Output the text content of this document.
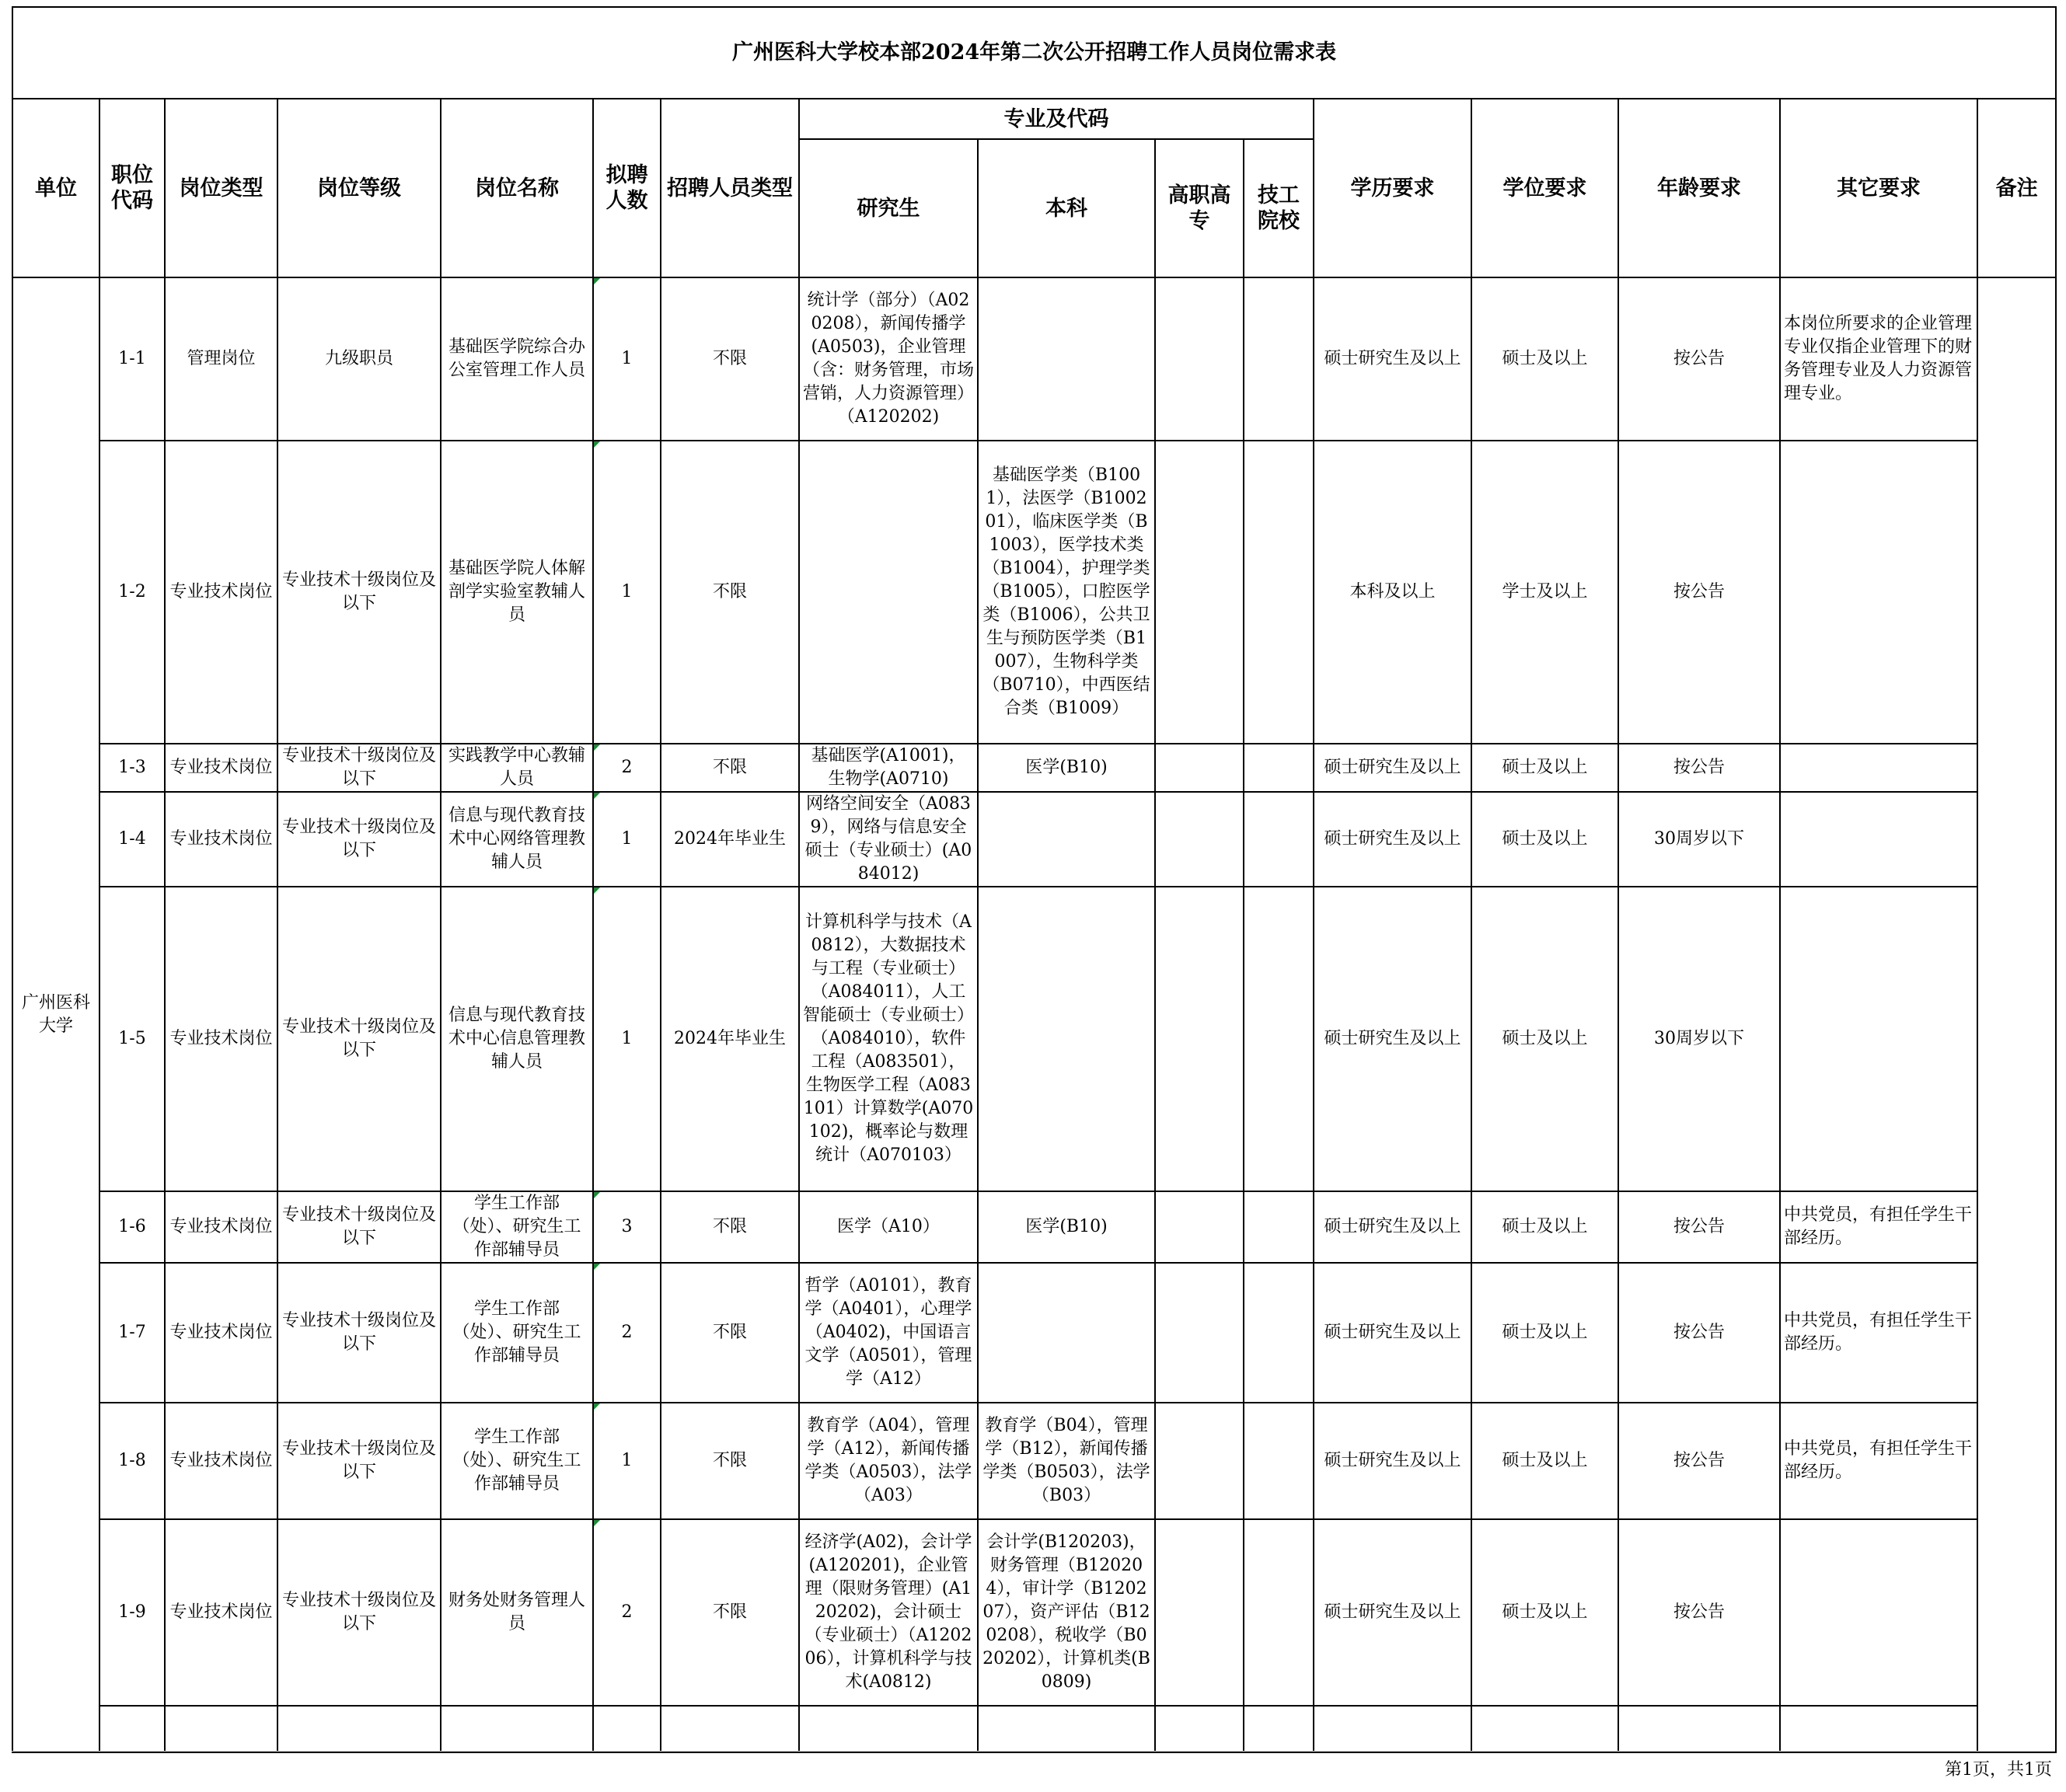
广州医科大学校本部2024年第二次公开招聘工作人员岗位需求表															
单位	职位代码	岗位类型	岗位等级	岗位名称	拟聘人数	招聘人员类型	专业及代码				学历要求	学位要求	年龄要求	其它要求	备注
							研究生	本科	高职高专	技工院校					
广州医科大学	1-1	管理岗位	九级职员	基础医学院综合办公室管理工作人员	1	不限	统计学（部分）（A020208），新闻传播学(A0503)，企业管理（含：财务管理，市场营销，人力资源管理）（A120202)				硕士研究生及以上	硕士及以上	按公告	本岗位所要求的企业管理专业仅指企业管理下的财务管理专业及人力资源管理专业。	
	1-2	专业技术岗位	专业技术十级岗位及以下	基础医学院人体解剖学实验室教辅人员	1	不限		基础医学类（B1001），法医学（B100201），临床医学类（B1003），医学技术类（B1004），护理学类（B1005），口腔医学类（B1006），公共卫生与预防医学类（B1007），生物科学类（B0710），中西医结合类（B1009）			本科及以上	学士及以上	按公告		
	1-3	专业技术岗位	专业技术十级岗位及以下	实践教学中心教辅人员	2	不限	基础医学(A1001)，生物学(A0710)	医学(B10)			硕士研究生及以上	硕士及以上	按公告		
	1-4	专业技术岗位	专业技术十级岗位及以下	信息与现代教育技术中心网络管理教辅人员	1	2024年毕业生	网络空间安全（A0839），网络与信息安全硕士（专业硕士）(A084012)				硕士研究生及以上	硕士及以上	30周岁以下		
	1-5	专业技术岗位	专业技术十级岗位及以下	信息与现代教育技术中心信息管理教辅人员	1	2024年毕业生	计算机科学与技术（A0812），大数据技术与工程（专业硕士）（A084011），人工智能硕士（专业硕士）（A084010），软件工程（A083501），生物医学工程（A083101）计算数学(A070102)，概率论与数理统计（A070103）				硕士研究生及以上	硕士及以上	30周岁以下		
	1-6	专业技术岗位	专业技术十级岗位及以下	学生工作部（处）、研究生工作部辅导员	3	不限	医学（A10）	医学(B10)			硕士研究生及以上	硕士及以上	按公告	中共党员，有担任学生干部经历。	
	1-7	专业技术岗位	专业技术十级岗位及以下	学生工作部（处）、研究生工作部辅导员	2	不限	哲学（A0101），教育学（A0401），心理学（A0402)，中国语言文学（A0501），管理学（A12）				硕士研究生及以上	硕士及以上	按公告	中共党员，有担任学生干部经历。	
	1-8	专业技术岗位	专业技术十级岗位及以下	学生工作部（处）、研究生工作部辅导员	1	不限	教育学（A04），管理学（A12），新闻传播学类（A0503），法学（A03）	教育学（B04），管理学（B12），新闻传播学类（B0503），法学（B03）			硕士研究生及以上	硕士及以上	按公告	中共党员，有担任学生干部经历。	
	1-9	专业技术岗位	专业技术十级岗位及以下	财务处财务管理人员	2	不限	经济学(A02)，会计学(A120201)，企业管理（限财务管理）(A120202)，会计硕士（专业硕士）（A120206），计算机科学与技术(A0812)	会计学(B120203)，财务管理（B120204），审计学（B120207），资产评估（B120208），税收学（B020202），计算机类(B0809)			硕士研究生及以上	硕士及以上	按公告		

第1页，共1页
